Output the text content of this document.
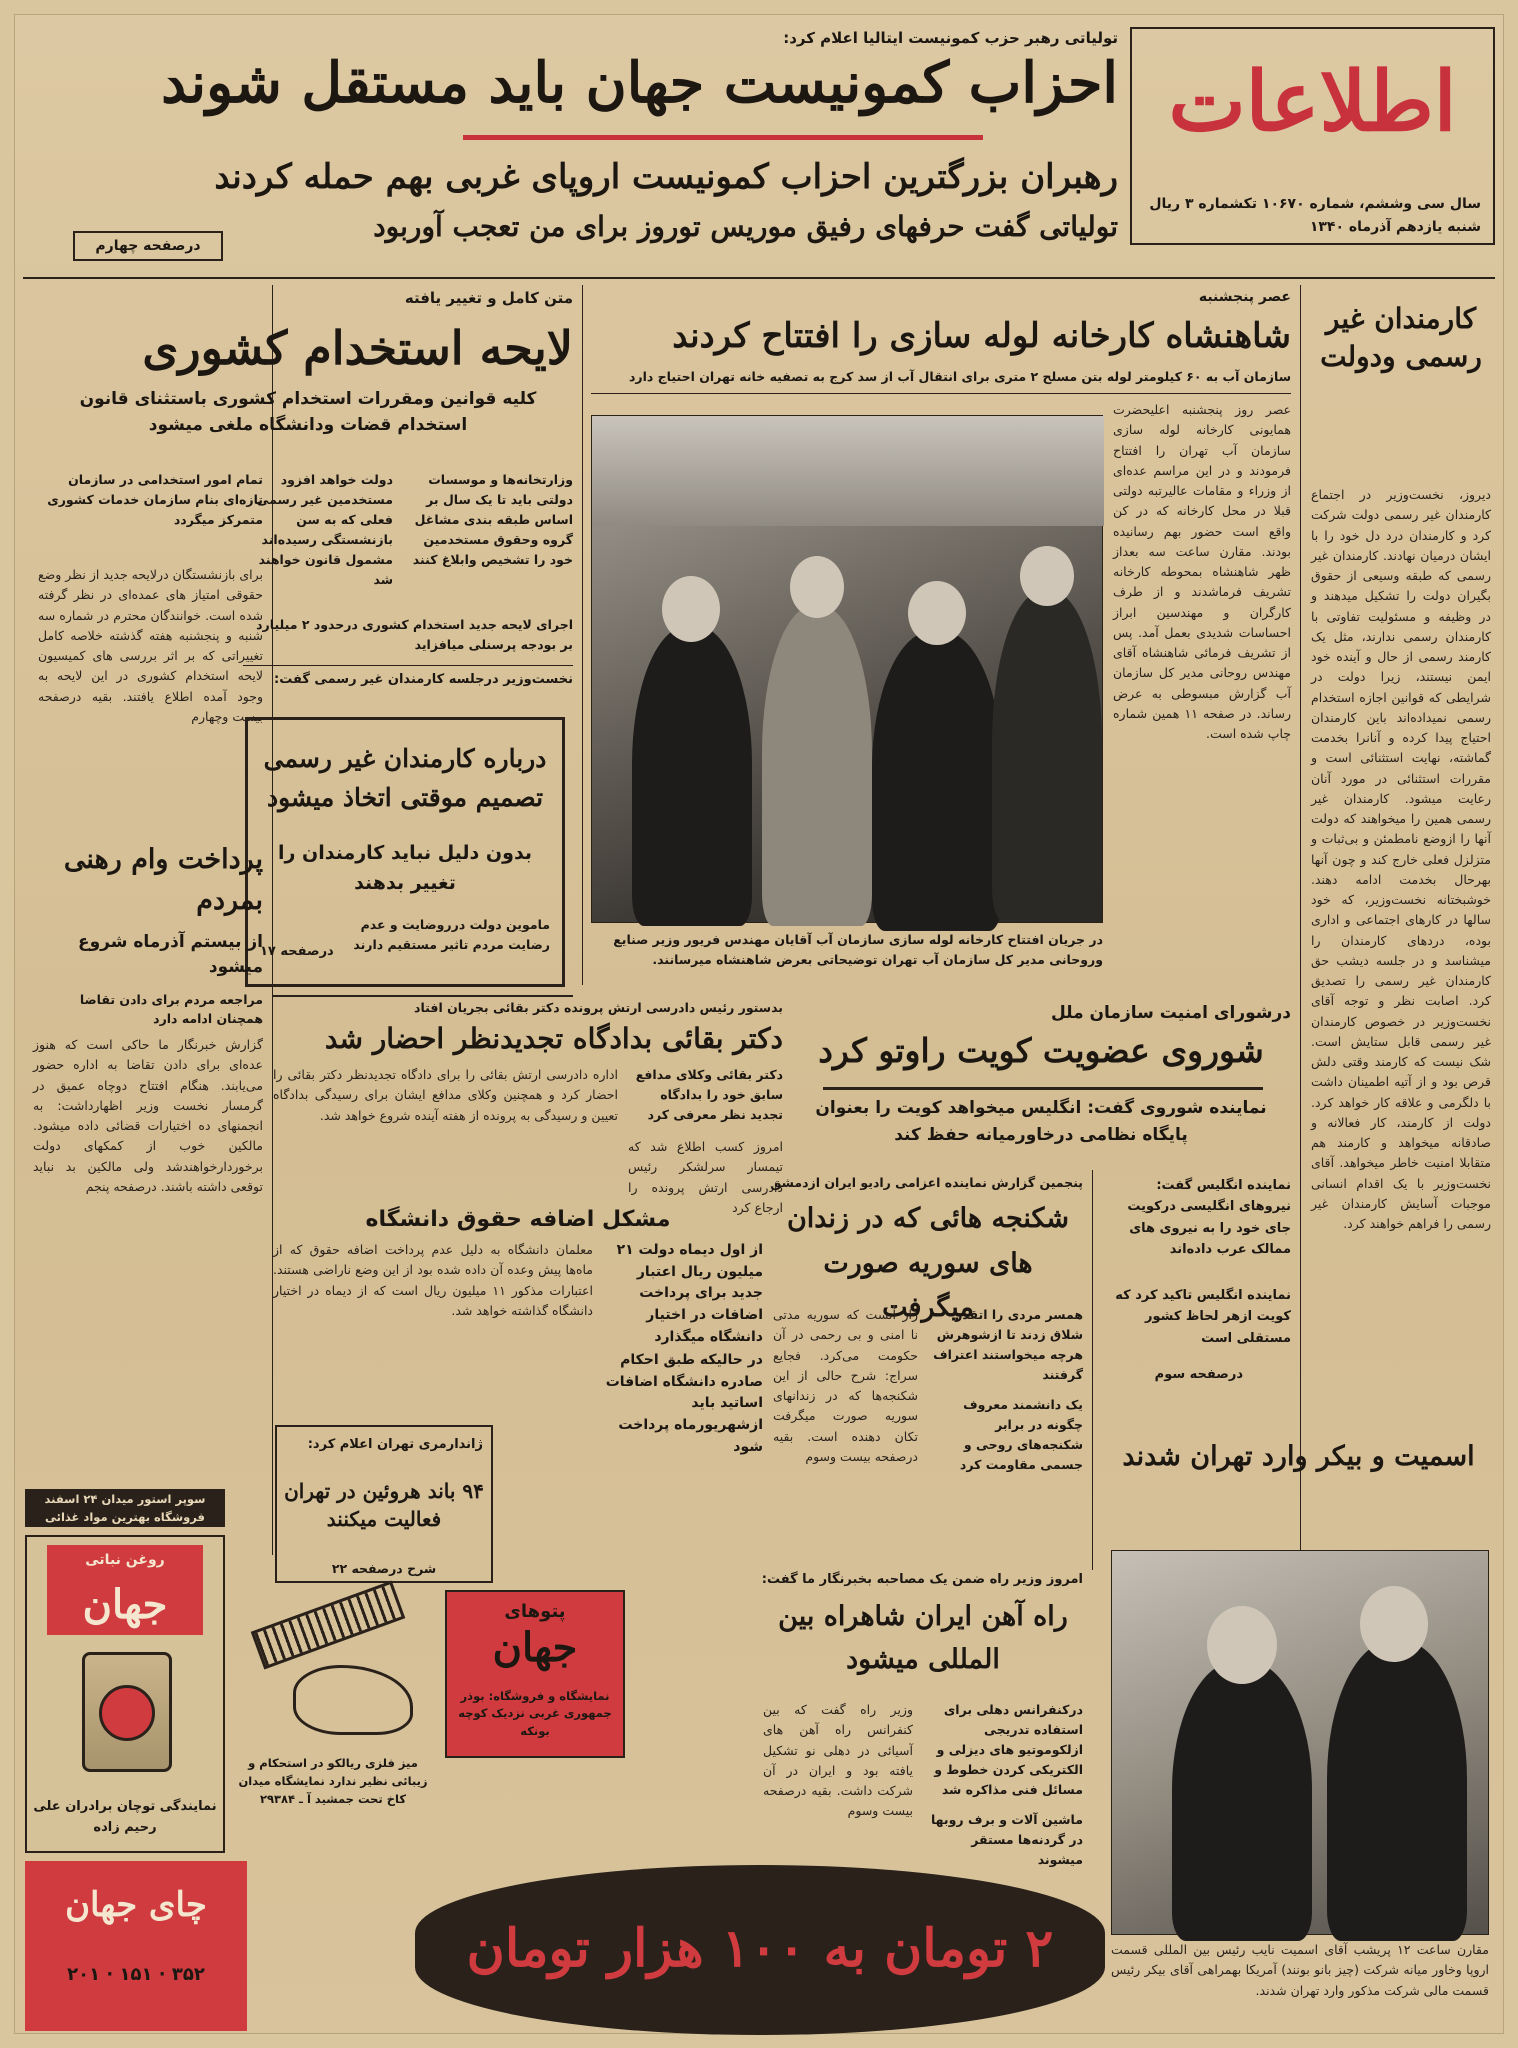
اطلاعات
سال سی وششم، شماره ۱۰۶۷۰ تکشماره ۳ ریال
شنبه یازدهم آذرماه ۱۳۴۰
تولیاتی رهبر حزب کمونیست ایتالیا اعلام کرد:
احزاب کمونیست جهان باید مستقل شوند
رهبران بزرگترین احزاب کمونیست اروپای غربی بهم حمله کردند
تولیاتی گفت حرفهای رفیق موریس توروز برای من تعجب آوربود
درصفحه چهارم
کارمندان غیر رسمی ودولت
دیروز، نخست‌وزیر در اجتماع کارمندان غیر رسمی دولت شرکت کرد و کارمندان درد دل خود را با ایشان درمیان نهادند. کارمندان غیر رسمی که طبقه وسیعی از حقوق بگیران دولت را تشکیل میدهند و در وظیفه و مسئولیت تفاوتی با کارمندان رسمی ندارند، مثل یک کارمند رسمی از حال و آینده خود ایمن نیستند، زیرا دولت در شرایطی که قوانین اجازه استخدام رسمی نمیداده‌اند باین کارمندان احتیاج پیدا کرده و آنانرا بخدمت گماشته، نهایت استثنائی است و مقررات استثنائی در مورد آنان رعایت میشود. کارمندان غیر رسمی همین را میخواهند که دولت آنها را ازوضع نامطمئن و بی‌ثبات و متزلزل فعلی خارج کند و چون آنها بهرحال بخدمت ادامه دهند. خوشبختانه نخست‌وزیر، که خود سالها در کارهای اجتماعی و اداری بوده، دردهای کارمندان را میشناسد و در جلسه دیشب حق کارمندان غیر رسمی را تصدیق کرد. اصابت نظر و توجه آقای نخست‌وزیر در خصوص کارمندان غیر رسمی قابل ستایش است. شک نیست که کارمند وقتی دلش قرص بود و از آتیه اطمینان داشت با دلگرمی و علاقه کار خواهد کرد. دولت از کارمند، کار فعالانه و صادقانه میخواهد و کارمند هم متقابلا امنیت خاطر میخواهد. آقای نخست‌وزیر با یک اقدام انسانی موجبات آسایش کارمندان غیر رسمی را فراهم خواهند کرد.
عصر پنجشنبه
شاهنشاه کارخانه لوله سازی را افتتاح کردند
سازمان آب به ۶۰ کیلومتر لوله بتن مسلح ۲ متری برای انتقال آب از سد کرج به تصفیه خانه تهران احتیاج دارد
عصر روز پنجشنبه اعلیحضرت همایونی کارخانه لوله سازی سازمان آب تهران را افتتاح فرمودند و در این مراسم عده‌ای از وزراء و مقامات عالیرتبه دولتی قبلا در محل کارخانه که در کن واقع است حضور بهم رسانیده بودند. مقارن ساعت سه بعداز ظهر شاهنشاه بمحوطه کارخانه تشریف فرماشدند و از طرف کارگران و مهندسین ابراز احساسات شدیدی بعمل آمد. پس از تشریف فرمائی شاهنشاه آقای مهندس روحانی مدیر کل سازمان آب گزارش مبسوطی به عرض رساند. در صفحه ۱۱ همین شماره چاپ شده است.
در جریان افتتاح کارخانه لوله سازی سازمان آب آقایان مهندس فریور وزیر صنایع وروحانی مدیر کل سازمان آب تهران توضیحاتی بعرض شاهنشاه میرسانند.
متن کامل و تغییر یافته
لایحه استخدام کشوری
کلیه قوانین ومقررات استخدام کشوری باستثنای قانون استخدام قضات ودانشگاه ملغی میشود
وزارتخانه‌ها و موسسات دولتی باید تا یک سال بر اساس طبقه بندی مشاغل گروه وحقوق مستخدمین خود را تشخیص وابلاغ کنند
دولت خواهد افزود مستخدمین غیر رسمی فعلی که به سن بازنشستگی رسیده‌اند مشمول قانون خواهند شد
اجرای لایحه جدید استخدام کشوری درحدود ۲ میلیارد بر بودجه پرسنلی میافزاید
تمام امور استخدامی در سازمان تازه‌ای بنام سازمان خدمات کشوری متمرکز میگردد
برای بازنشستگان درلایحه جدید از نظر وضع حقوقی امتیاز های عمده‌ای در نظر گرفته شده است. خوانندگان محترم در شماره سه شنبه و پنجشنبه هفته گذشته خلاصه کامل تغییراتی که بر اثر بررسی های کمیسیون لایحه استخدام کشوری در این لایحه به وجود آمده اطلاع یافتند. بقیه درصفحه بیست وچهارم
نخست‌وزیر درجلسه کارمندان غیر رسمی گفت:
درباره کارمندان غیر رسمی تصمیم موقتی اتخاذ میشود
بدون دلیل نباید کارمندان را تغییر بدهند
ماموین دولت درروضایت و عدم رضایت مردم تاثیر مستقیم دارند
درصفحه ۱۷
پرداخت وام رهنی بمردم
از بیستم آذرماه شروع میشود
مراجعه مردم برای دادن تقاضا همچنان ادامه دارد
گزارش خبرنگار ما حاکی است که هنوز عده‌ای برای دادن تقاضا به اداره حضور می‌یابند. هنگام افتتاح دوچاه عمیق در گرمسار نخست وزیر اظهارداشت: به انجمنهای ده اختیارات قضائی داده میشود. مالکین خوب از کمکهای دولت برخوردارخواهندشد ولی مالکین بد نباید توقعی داشته باشند. درصفحه پنجم
بدستور رئیس دادرسی ارتش پرونده دکتر بقائی بجریان افتاد
دکتر بقائی بدادگاه تجدیدنظر احضار شد
دکتر بقائی وکلای مدافع سابق خود را بدادگاه تجدید نظر معرفی کرد
امروز کسب اطلاع شد که تیمسار سرلشکر رئیس دادرسی ارتش پرونده را ارجاع کرد
اداره دادرسی ارتش بقائی را برای دادگاه تجدیدنظر دکتر بقائی را احضار کرد و همچنین وکلای مدافع ایشان برای رسیدگی بدادگاه تعیین و رسیدگی به پرونده از هفته آینده شروع خواهد شد.
درشورای امنیت سازمان ملل
شوروی عضویت کویت راوتو کرد
نماینده شوروی گفت: انگلیس میخواهد کویت را بعنوان پایگاه نظامی درخاورمیانه حفظ کند
نماینده انگلیس گفت: نیروهای انگلیسی درکویت جای خود را به نیروی های ممالک عرب داده‌اند
نماینده انگلیس تاکید کرد که کویت ازهر لحاظ کشور مستقلی است
درصفحه سوم
پنجمین گزارش نماینده اعزامی رادیو ایران ازدمشق
شکنجه هائی که در زندان های سوریه صورت میگرفت
همسر مردی را اتقدر شلاق زدند تا ازشوهرش هرچه میخواستند اعتراف گرفتند
یک دانشمند معروف چگونه در برابر شکنجه‌های روحی و جسمی مقاومت کرد
راز آنست که سوریه مدتی نا امنی و بی رحمی در آن حکومت می‌کرد. فجایع سراج: شرح حالی از این شکنجه‌ها که در زندانهای سوریه صورت میگرفت تکان دهنده است. بقیه درصفحه بیست وسوم
مشکل اضافه حقوق دانشگاه
از اول دیماه دولت ۲۱ میلیون ریال اعتبار جدید برای پرداخت اضافات در اختیار دانشگاه میگذارد
در حالیکه طبق احکام صادره دانشگاه اضافات اساتید باید ازشهریورماه پرداخت شود
معلمان دانشگاه به دلیل عدم پرداخت اضافه حقوق که از ماه‌ها پیش وعده آن داده شده بود از این وضع ناراضی هستند. اعتبارات مذکور ۱۱ میلیون ریال است که از دیماه در اختیار دانشگاه گذاشته خواهد شد.
ژاندارمری تهران اعلام کرد:
۹۴ باند هروئین در تهران فعالیت میکنند
شرح درصفحه ۲۲
امروز وزیر راه ضمن یک مصاحبه بخبرنگار ما گفت:
راه آهن ایران شاهراه بین المللی میشود
درکنفرانس دهلی برای استفاده تدریجی ازلکوموتیو های دیزلی و الکتریکی کردن خطوط و مسائل فنی مذاکره شد
ماشین آلات و برف روبها در گردنه‌ها مستقر میشوند
وزیر راه گفت که بین کنفرانس راه آهن های آسیائی در دهلی نو تشکیل یافته بود و ایران در آن شرکت داشت. بقیه درصفحه بیست وسوم
اسمیت و بیکر وارد تهران شدند
مقارن ساعت ۱۲ پریشب آقای اسمیت نایب رئیس بین المللی قسمت اروپا وخاور میانه شرکت (چیز بانو بونند) آمریکا بهمراهی آقای بیکر رئیس قسمت مالی شرکت مذکور وارد تهران شدند.
سوپر استور میدان ۲۴ اسفند فروشگاه بهترین مواد غذائی
روغن نباتی
جهان
نمایندگی توچان برادران علی رحیم زاده
میز فلزی ریالکو در استحکام و زیبائی نظیر ندارد نمایشگاه میدان کاخ تحت جمشید آ ـ ۲۹۳۸۴
پتوهای
جهان
نمایشگاه و فروشگاه: بوذر جمهوری غربی نزدیک کوچه بونکه
چای جهان
۳۵۲ · ۱۵۱ · ۲۰۱	۲ تومان به ۱۰۰ هزار تومان
